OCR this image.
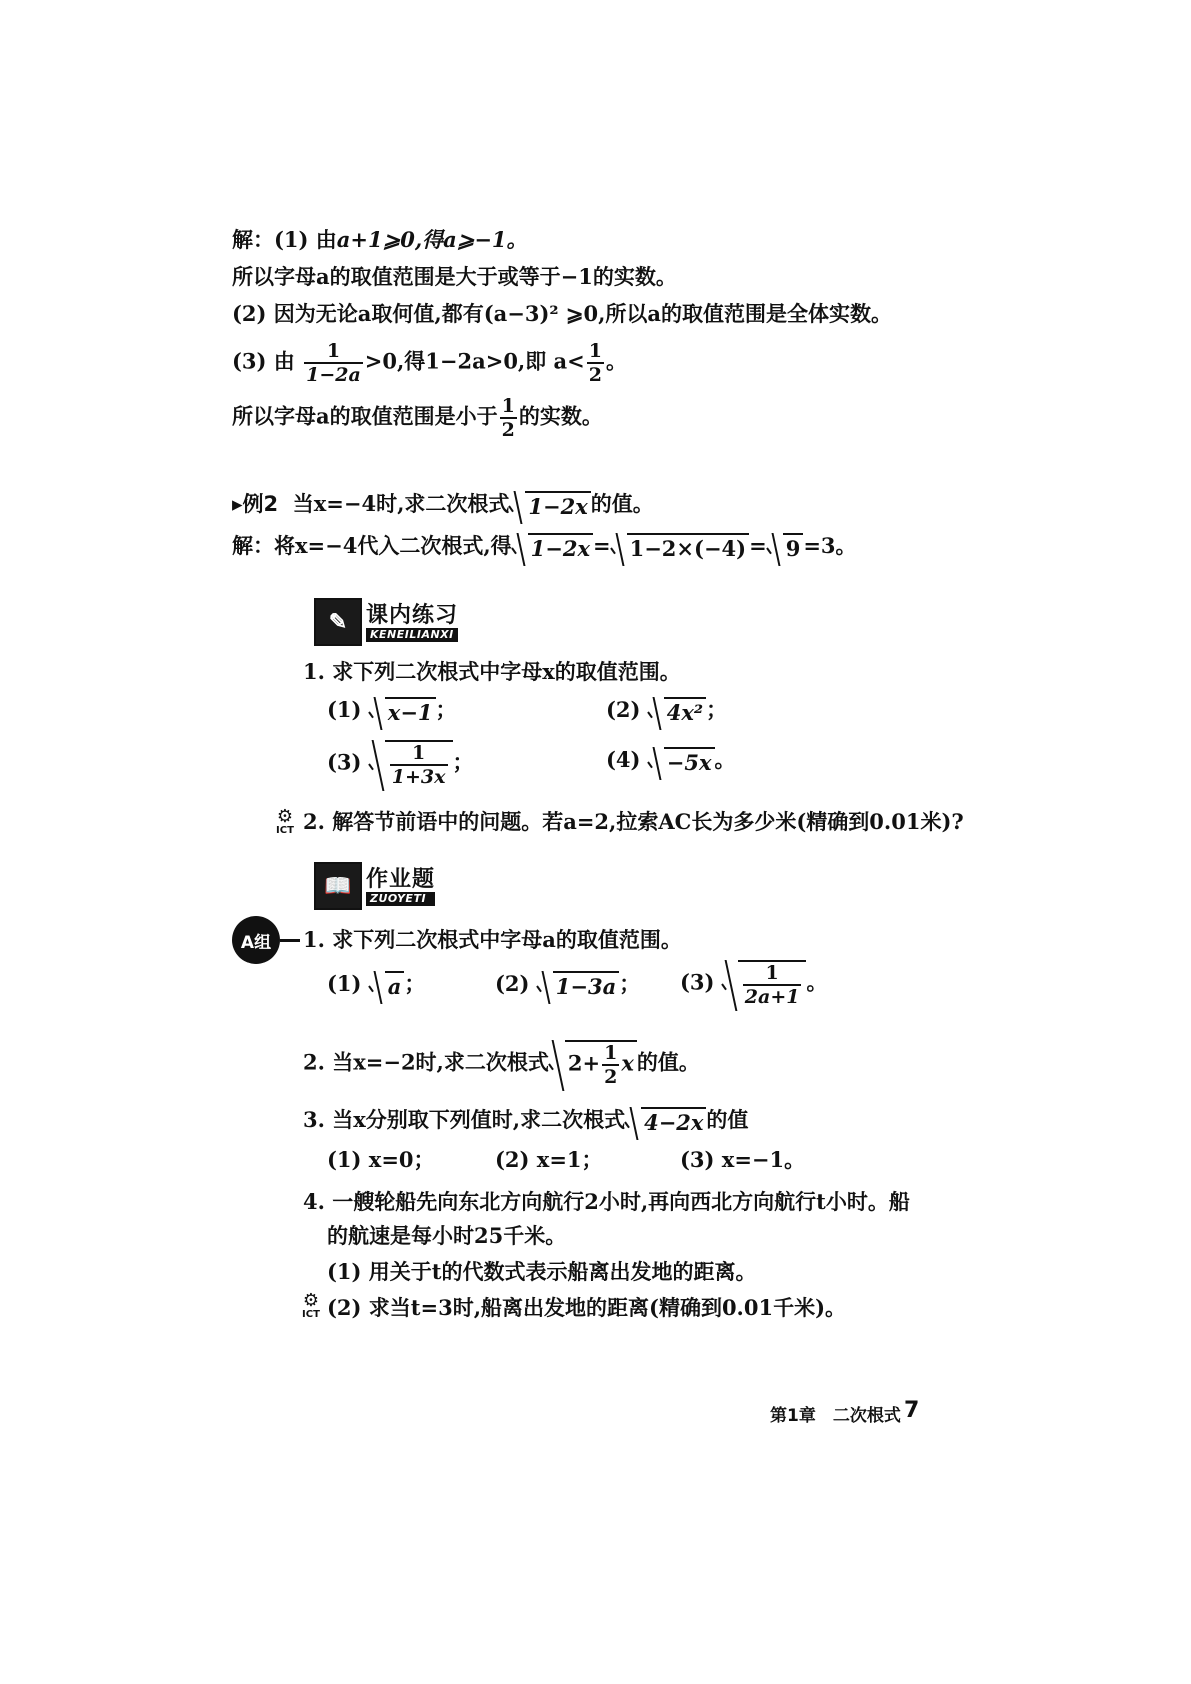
解：(1) 由a+1⩾0,得a⩾−1。
所以字母a的取值范围是大于或等于−1的实数。
(2) 因为无论a取何值,都有(a−3)² ⩾0,所以a的取值范围是全体实数。
(3) 由 $\frac{1}{1-2a} >0$,得1−2a>0,即 $a< \frac{1}{2}$ 。
所以字母a的取值范围是小于 $\frac{1}{2}$ 的实数。
▸例2 当x=−4时,求二次根式 1−2x 的值。
解：将x=−4代入二次根式,得 1−2x = 1−2×(−4) = 9 =3。
✎ 课内练习
KENEILIANXI
1. 求下列二次根式中字母x的取值范围。
(1) x−1 ；	(2) 4x² ；
$(3) \frac{1}{1+3x}$ ；	(4) −5x 。
⚙
ICT 2. 解答节前语中的问题。若a=2,拉索AC长为多少米(精确到0.01米)?
📖 作业题
ZUOYETI
A组	1. 求下列二次根式中字母a的取值范围。
(1) a ；	(2) 1−3a ； $(3) \frac{1}{2a+1}$ 。
2. 当x=−2时,求二次根式 $2+ \frac{1}{2}$ x 的值。
3. 当x分别取下列值时,求二次根式 4−2x 的值
(1) x=0；	(2) x=1；	(3) x=−1。
4. 一艘轮船先向东北方向航行2小时,再向西北方向航行t小时。船
的航速是每小时25千米。
(1) 用关于t的代数式表示船离出发地的距离。
⚙
ICT (2) 求当t=3时,船离出发地的距离(精确到0.01千米)。
第1章　二次根式 7
